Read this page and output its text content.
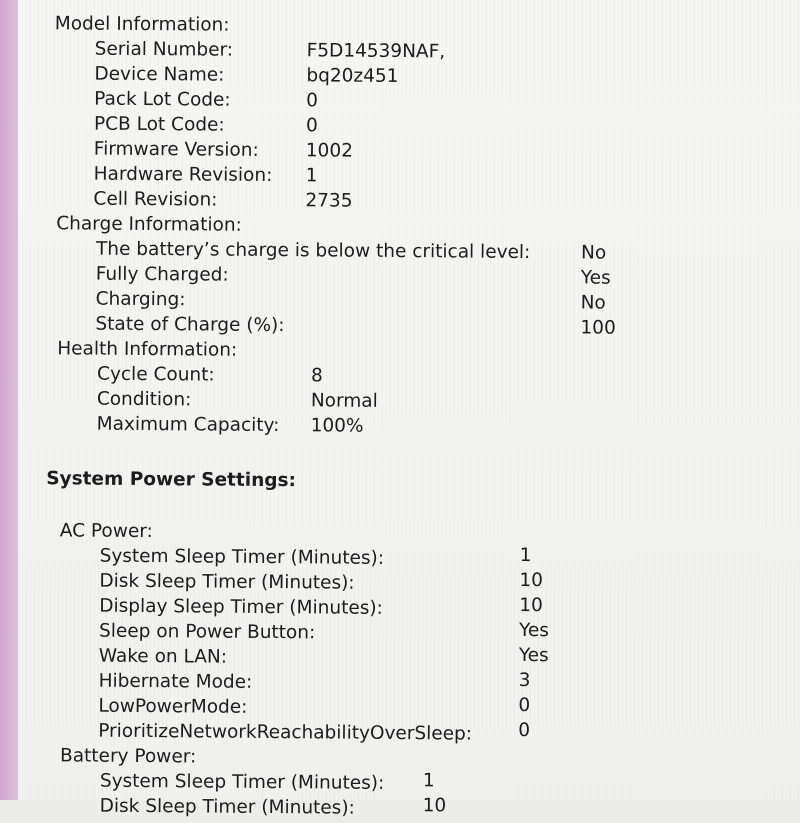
Model Information:
Serial Number:	F5D14539NAF,
Device Name:	bq20z451
Pack Lot Code:	0
PCB Lot Code:	0
Firmware Version:	1002
Hardware Revision: 1
Cell Revision:	2735
Charge Information:
The battery’s charge is below the critical level:	No
Fully Charged:	Yes
Charging:	No
State of Charge (%):	100
Health Information:
Cycle Count:	8
Condition:	Normal
Maximum Capacity: 100%
System Power Settings:
AC Power:
System Sleep Timer (Minutes):	1
Disk Sleep Timer (Minutes):	10
Display Sleep Timer (Minutes):	10
Sleep on Power Button:	Yes
Wake on LAN:	Yes
Hibernate Mode:	3
LowPowerMode:	0
PrioritizeNetworkReachabilityOverSleep: 0
Battery Power:
System Sleep Timer (Minutes): 1
Disk Sleep Timer (Minutes):	10
